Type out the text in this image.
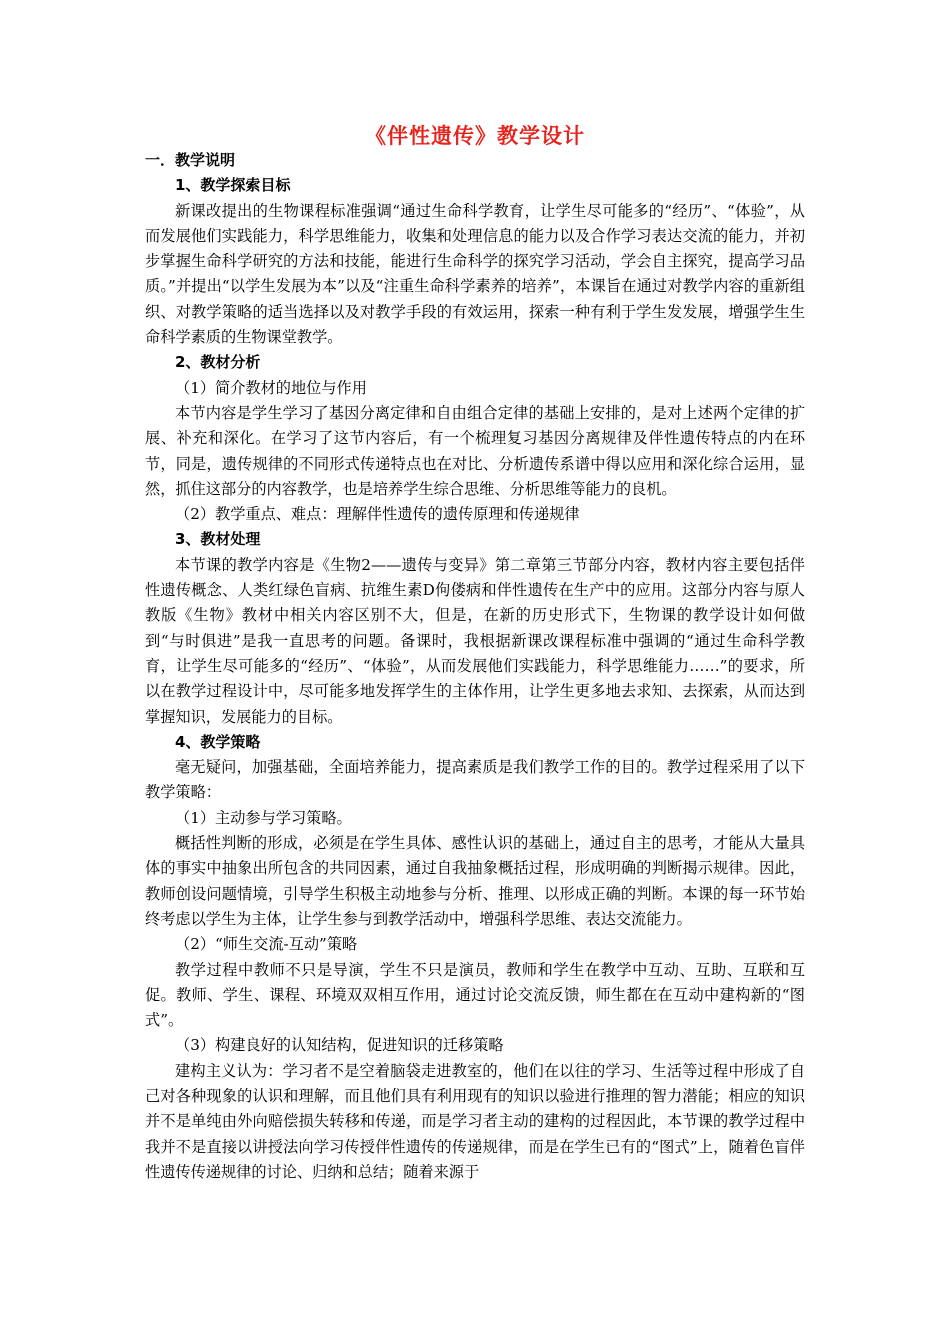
《伴性遗传》教学设计

一．教学说明

1、教学探索目标

新课改提出的生物课程标准强调“通过生命科学教育，让学生尽可能多的“经历”、“体验”，从而发展他们实践能力，科学思维能力，收集和处理信息的能力以及合作学习表达交流的能力，并初步掌握生命科学研究的方法和技能，能进行生命科学的探究学习活动，学会自主探究，提高学习品质。”并提出“以学生发展为本”以及“注重生命科学素养的培养”，本课旨在通过对教学内容的重新组织、对教学策略的适当选择以及对教学手段的有效运用，探索一种有利于学生发发展，增强学生生命科学素质的生物课堂教学。

2、教材分析

（1）简介教材的地位与作用

本节内容是学生学习了基因分离定律和自由组合定律的基础上安排的，是对上述两个定律的扩展、补充和深化。在学习了这节内容后，有一个梳理复习基因分离规律及伴性遗传特点的内在环节，同是，遗传规律的不同形式传递特点也在对比、分析遗传系谱中得以应用和深化综合运用，显然，抓住这部分的内容教学，也是培养学生综合思维、分析思维等能力的良机。

（2）教学重点、难点：理解伴性遗传的遗传原理和传递规律

3、教材处理

本节课的教学内容是《生物2——遗传与变异》第二章第三节部分内容，教材内容主要包括伴性遗传概念、人类红绿色盲病、抗维生素D佝偻病和伴性遗传在生产中的应用。这部分内容与原人教版《生物》教材中相关内容区别不大，但是，在新的历史形式下，生物课的教学设计如何做到“与时俱进”是我一直思考的问题。备课时，我根据新课改课程标准中强调的“通过生命科学教育，让学生尽可能多的“经历”、“体验”，从而发展他们实践能力，科学思维能力……”的要求，所以在教学过程设计中，尽可能多地发挥学生的主体作用，让学生更多地去求知、去探索，从而达到掌握知识，发展能力的目标。

4、教学策略

毫无疑问，加强基础，全面培养能力，提高素质是我们教学工作的目的。教学过程采用了以下教学策略：

（1）主动参与学习策略。

概括性判断的形成，必须是在学生具体、感性认识的基础上，通过自主的思考，才能从大量具体的事实中抽象出所包含的共同因素，通过自我抽象概括过程，形成明确的判断揭示规律。因此，教师创设问题情境，引导学生积极主动地参与分析、推理、以形成正确的判断。本课的每一环节始终考虑以学生为主体，让学生参与到教学活动中，增强科学思维、表达交流能力。

（2）“师生交流-互动”策略

教学过程中教师不只是导演，学生不只是演员，教师和学生在教学中互动、互助、互联和互促。教师、学生、课程、环境双双相互作用，通过讨论交流反馈，师生都在在互动中建构新的“图式”。

（3）构建良好的认知结构，促进知识的迁移策略

建构主义认为：学习者不是空着脑袋走进教室的，他们在以往的学习、生活等过程中形成了自己对各种现象的认识和理解，而且他们具有利用现有的知识以验进行推理的智力潜能；相应的知识并不是单纯由外向赔偿损失转移和传递，而是学习者主动的建构的过程因此，本节课的教学过程中我并不是直接以讲授法向学习传授伴性遗传的传递规律，而是在学生已有的“图式”上，随着色盲伴性遗传传递规律的讨论、归纳和总结；随着来源于
